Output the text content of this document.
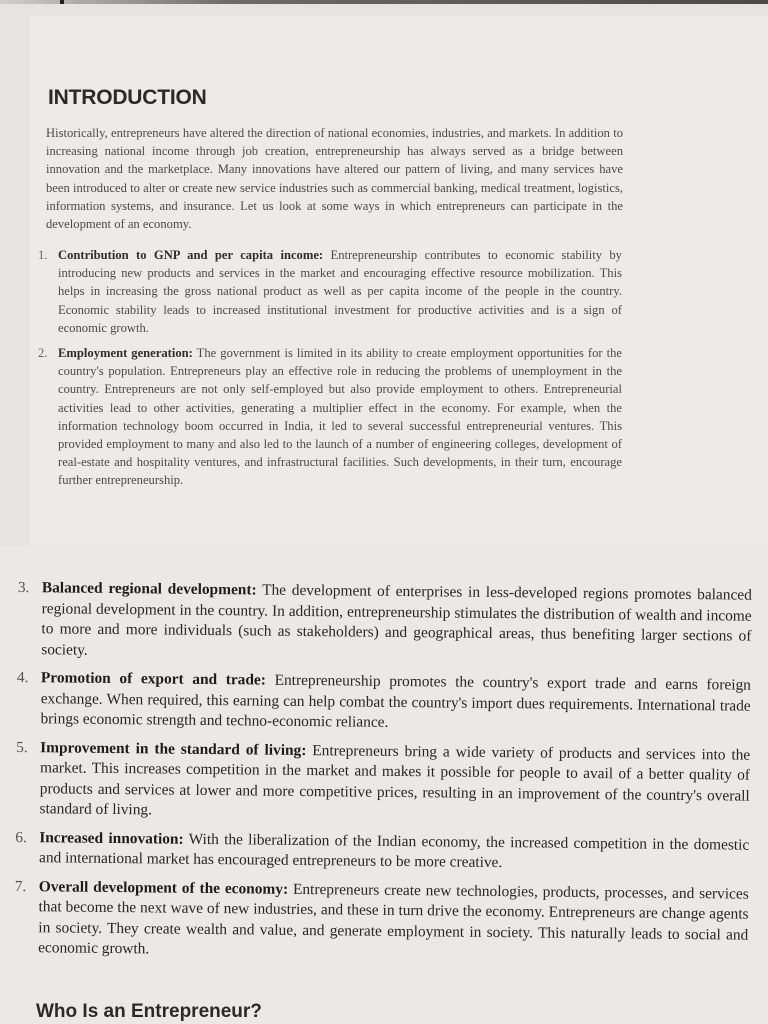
INTRODUCTION

Historically, entrepreneurs have altered the direction of national economies, industries, and markets. In addition to increasing national income through job creation, entrepreneurship has always served as a bridge between innovation and the marketplace. Many innovations have altered our pattern of living, and many services have been introduced to alter or create new service industries such as commercial banking, medical treatment, logistics, information systems, and insurance. Let us look at some ways in which entrepreneurs can participate in the development of an economy.

1. Contribution to GNP and per capita income: Entrepreneurship contributes to economic stability by introducing new products and services in the market and encouraging effective resource mobilization. This helps in increasing the gross national product as well as per capita income of the people in the country. Economic stability leads to increased institutional investment for productive activities and is a sign of economic growth.
2. Employment generation: The government is limited in its ability to create employment opportunities for the country's population. Entrepreneurs play an effective role in reducing the problems of unemployment in the country. Entrepreneurs are not only self-employed but also provide employment to others. Entrepreneurial activities lead to other activities, generating a multiplier effect in the economy. For example, when the information technology boom occurred in India, it led to several successful entrepreneurial ventures. This provided employment to many and also led to the launch of a number of engineering colleges, development of real-estate and hospitality ventures, and infrastructural facilities. Such developments, in their turn, encourage further entrepreneurship.
3. Balanced regional development: The development of enterprises in less-developed regions promotes balanced regional development in the country. In addition, entrepreneurship stimulates the distribution of wealth and income to more and more individuals (such as stakeholders) and geographical areas, thus benefiting larger sections of society.
4. Promotion of export and trade: Entrepreneurship promotes the country's export trade and earns foreign exchange. When required, this earning can help combat the country's import dues requirements. International trade brings economic strength and techno-economic reliance.
5. Improvement in the standard of living: Entrepreneurs bring a wide variety of products and services into the market. This increases competition in the market and makes it possible for people to avail of a better quality of products and services at lower and more competitive prices, resulting in an improvement of the country's overall standard of living.
6. Increased innovation: With the liberalization of the Indian economy, the increased competition in the domestic and international market has encouraged entrepreneurs to be more creative.
7. Overall development of the economy: Entrepreneurs create new technologies, products, processes, and services that become the next wave of new industries, and these in turn drive the economy. Entrepreneurs are change agents in society. They create wealth and value, and generate employment in society. This naturally leads to social and economic growth.
Who Is an Entrepreneur?
